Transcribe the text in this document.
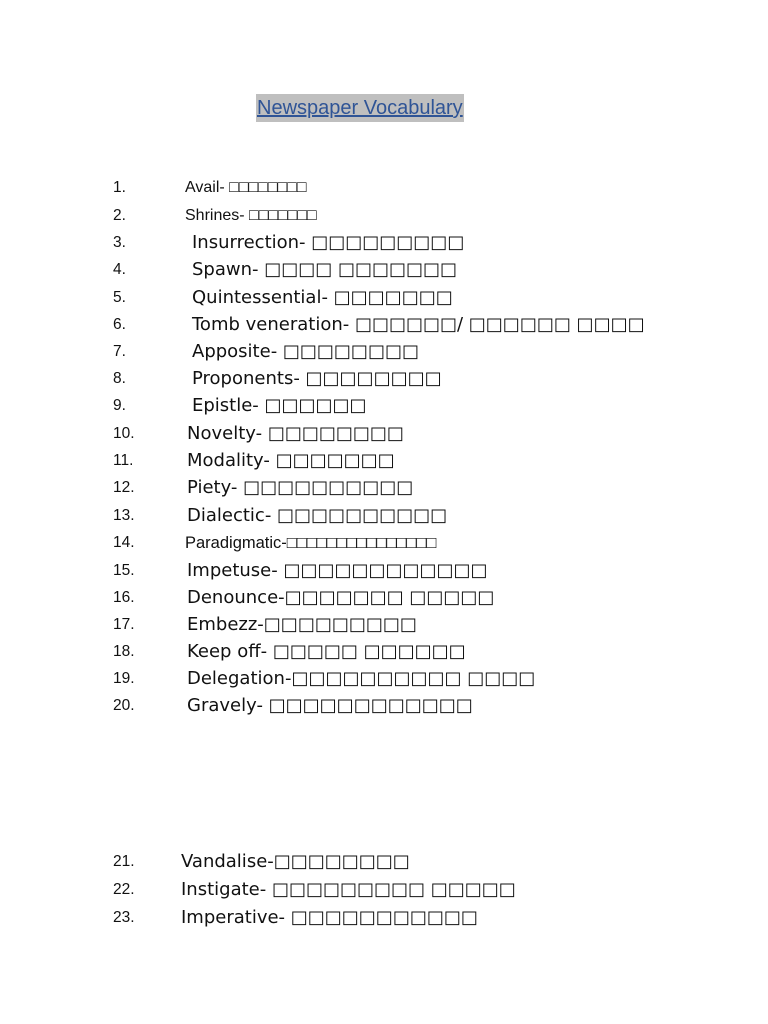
Newspaper Vocabulary
1.	Avail- □□□□□□□□
2.	Shrines- □□□□□□□
3.	Insurrection- □□□□□□□□□
4.	Spawn- □□□□ □□□□□□□
5.	Quintessential- □□□□□□□
6.	Tomb veneration- □□□□□□/ □□□□□□ □□□□
7.	Apposite- □□□□□□□□
8.	Proponents- □□□□□□□□
9.	Epistle- □□□□□□
10.	Novelty- □□□□□□□□
11.	Modality- □□□□□□□
12.	Piety- □□□□□□□□□□
13.	Dialectic- □□□□□□□□□□
14.	Paradigmatic-□□□□□□□□□□□□□□□
15.	Impetuse- □□□□□□□□□□□□
16.	Denounce-□□□□□□□ □□□□□
17.	Embezz-□□□□□□□□□
18.	Keep off- □□□□□ □□□□□□
19.	Delegation-□□□□□□□□□□ □□□□
20.	Gravely- □□□□□□□□□□□□
21.	Vandalise-□□□□□□□□
22.	Instigate- □□□□□□□□□ □□□□□
23.	Imperative- □□□□□□□□□□□
